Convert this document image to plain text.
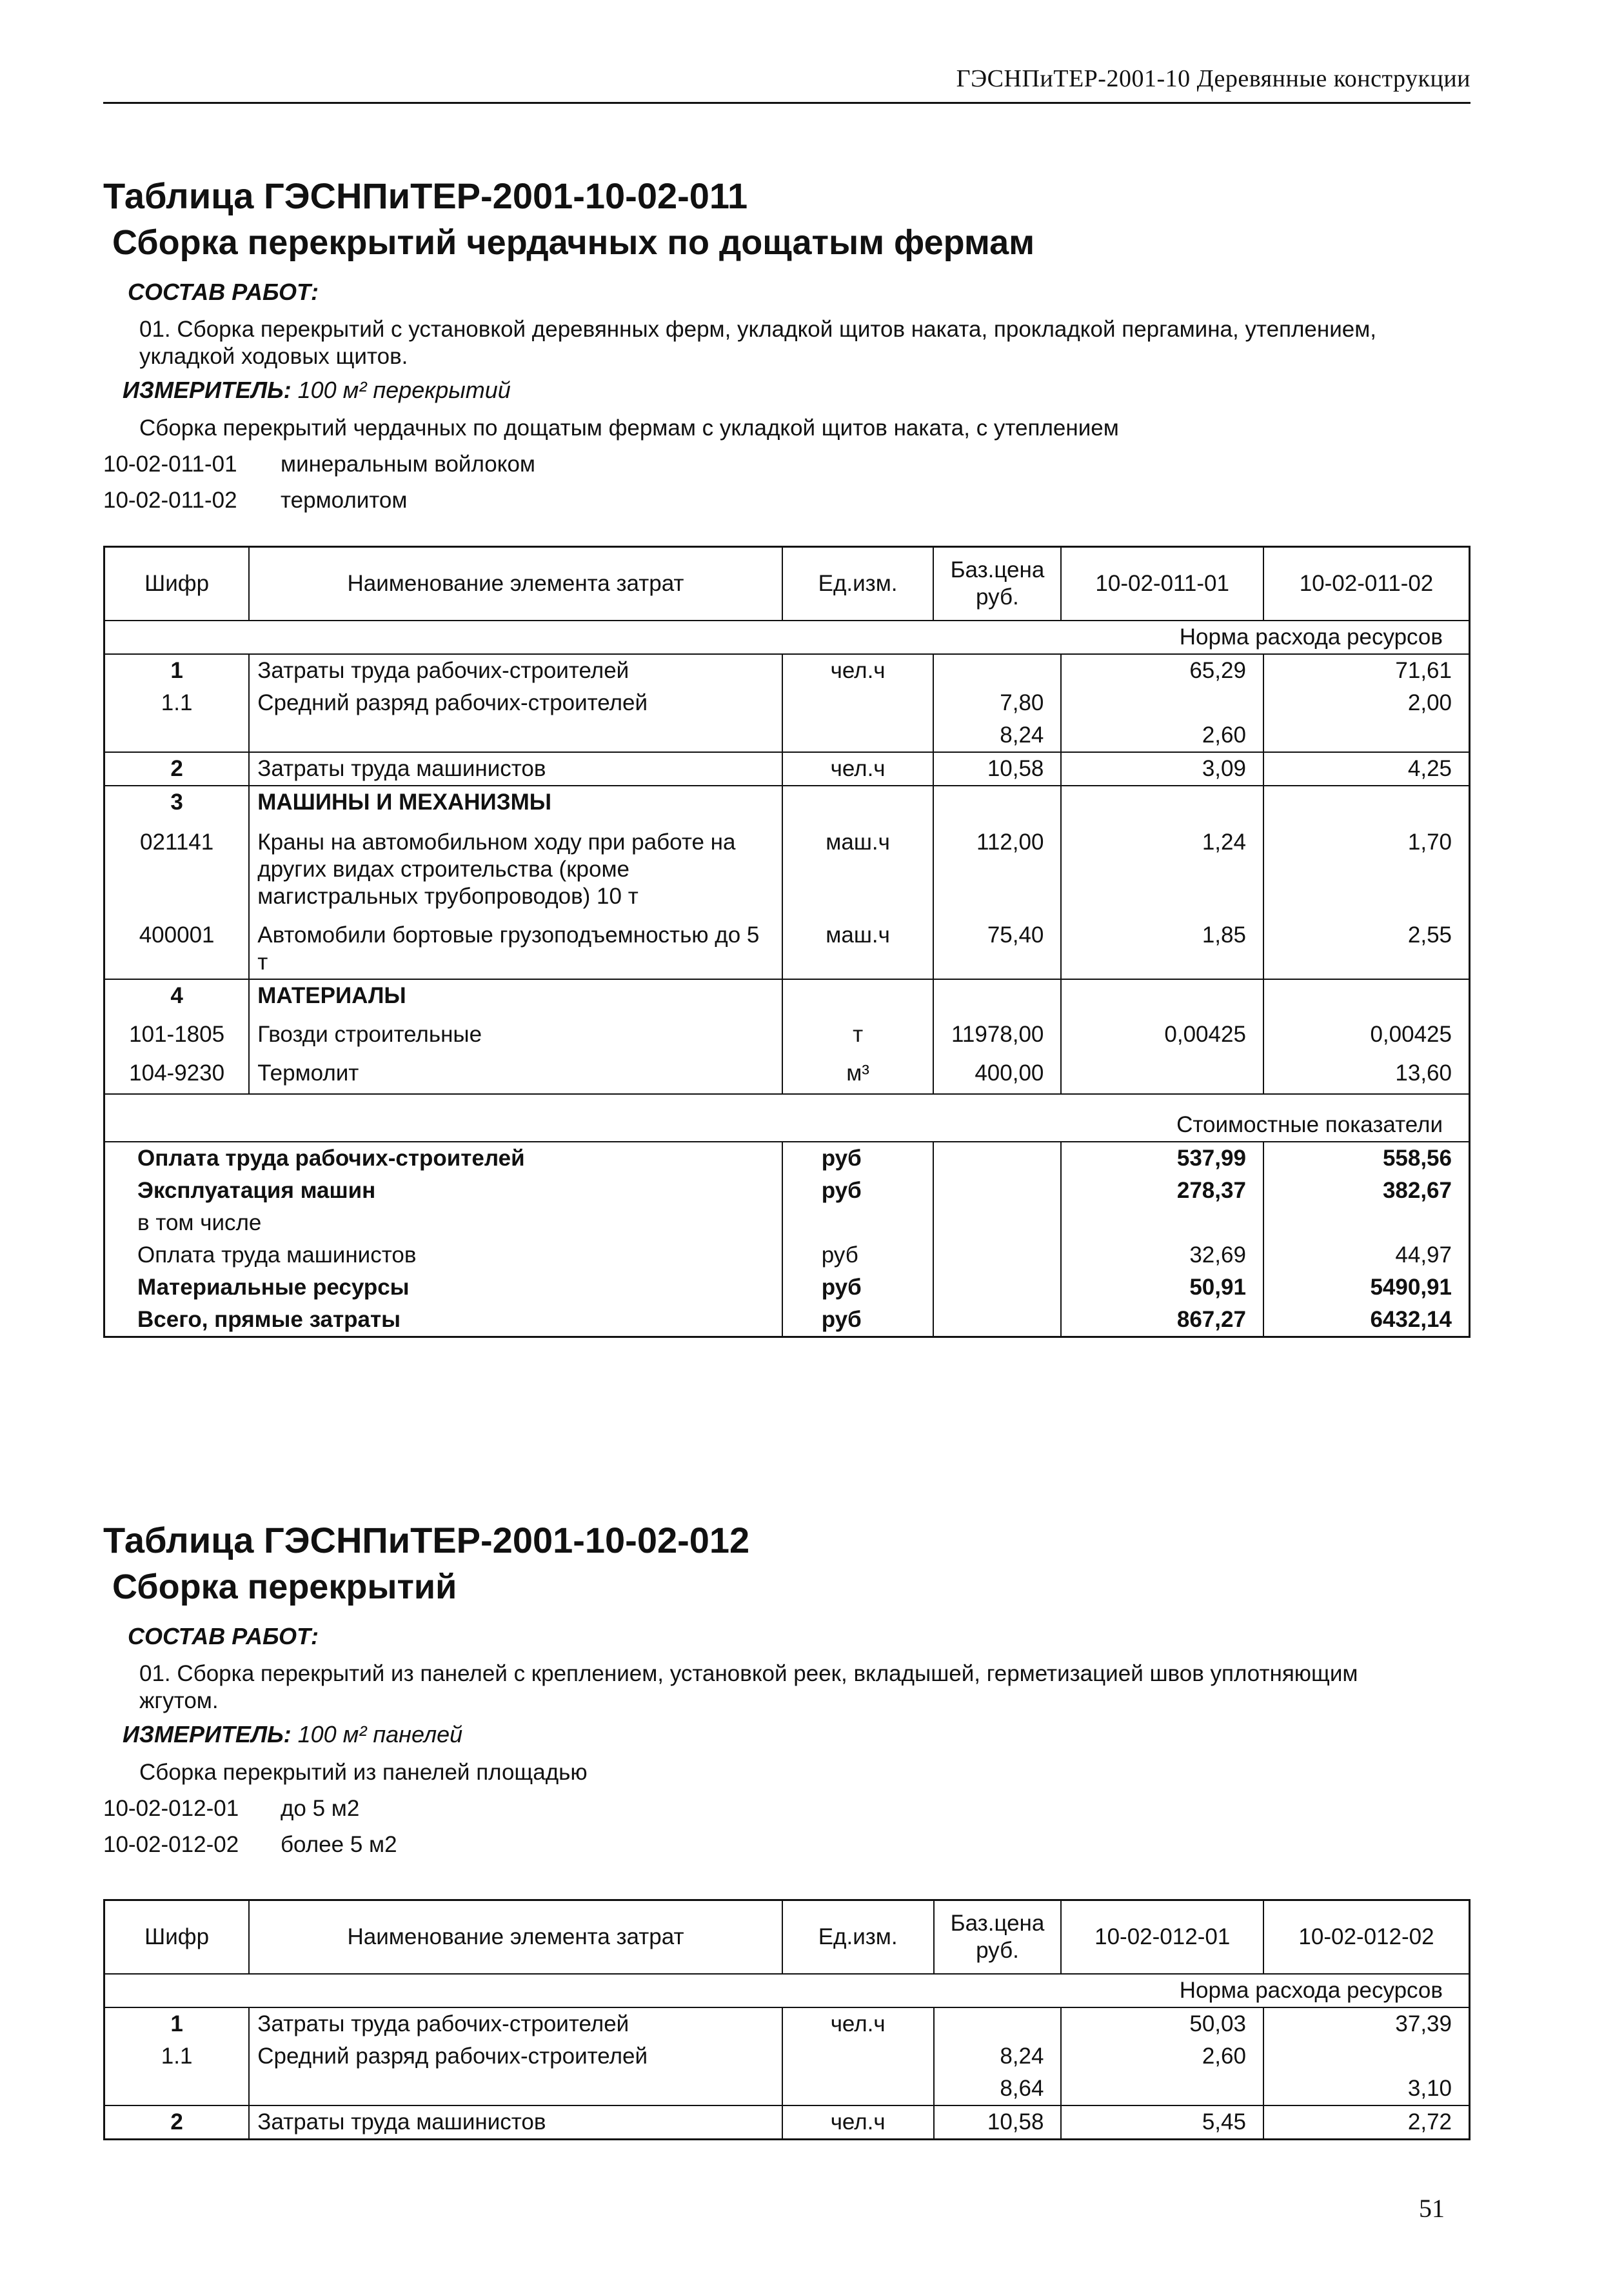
ГЭСНПиТЕР-2001-10 Деревянные конструкции

Таблица ГЭСНПиТЕР-2001-10-02-011

Сборка перекрытий чердачных по дощатым фермам

СОСТАВ РАБОТ:
01. Сборка перекрытий с установкой деревянных ферм, укладкой щитов наката, прокладкой пергамина, утеплением, укладкой ходовых щитов.
ИЗМЕРИТЕЛЬ: 100 м² перекрытий
Сборка перекрытий чердачных по дощатым фермам с укладкой щитов наката, с утеплением
10-02-011-01	минеральным войлоком
10-02-011-02	термолитом
Шифр	Наименование элемента затрат	Ед.изм.	Баз.цена руб.	10-02-011-01	10-02-011-02
Норма расхода ресурсов					
1	Затраты труда рабочих-строителей	чел.ч		65,29	71,61
1.1	Средний разряд рабочих-строителей		7,80		2,00
			8,24	2,60	
2	Затраты труда машинистов	чел.ч	10,58	3,09	4,25
3	МАШИНЫ И МЕХАНИЗМЫ				
021141	Краны на автомобильном ходу при работе на других видах строительства (кроме магистральных трубопроводов) 10 т	маш.ч	112,00	1,24	1,70
400001	Автомобили бортовые грузоподъемностью до 5 т	маш.ч	75,40	1,85	2,55
4	МАТЕРИАЛЫ				
101-1805	Гвозди строительные	т	11978,00	0,00425	0,00425
104-9230	Термолит	м³	400,00		13,60
Стоимостные показатели					
Оплата труда рабочих-строителей		руб		537,99	558,56
Эксплуатация машин		руб		278,37	382,67
в том числе					
Оплата труда машинистов		руб		32,69	44,97
Материальные ресурсы		руб		50,91	5490,91
Всего, прямые затраты		руб		867,27	6432,14

Таблица ГЭСНПиТЕР-2001-10-02-012

Сборка перекрытий

СОСТАВ РАБОТ:
01. Сборка перекрытий из панелей с креплением, установкой реек, вкладышей, герметизацией швов уплотняющим жгутом.
ИЗМЕРИТЕЛЬ: 100 м² панелей
Сборка перекрытий из панелей площадью
10-02-012-01	до 5 м2
10-02-012-02	более 5 м2
Шифр	Наименование элемента затрат	Ед.изм.	Баз.цена руб.	10-02-012-01	10-02-012-02
Норма расхода ресурсов					
1	Затраты труда рабочих-строителей	чел.ч		50,03	37,39
1.1	Средний разряд рабочих-строителей		8,24	2,60	
			8,64		3,10
2	Затраты труда машинистов	чел.ч	10,58	5,45	2,72
51
